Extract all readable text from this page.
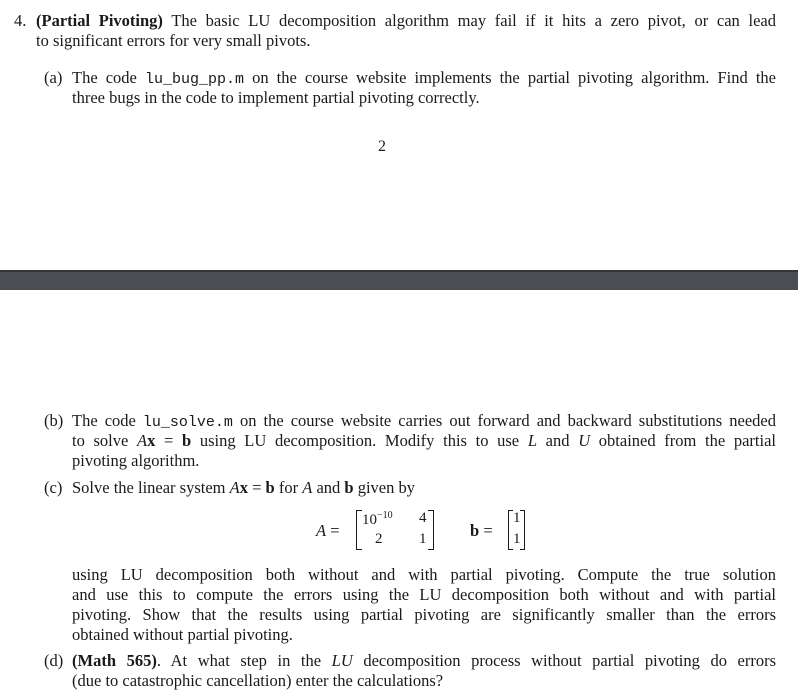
4. (Partial Pivoting) The basic LU decomposition algorithm may fail if it hits a zero pivot, or can lead
to significant errors for very small pivots.
(a) The code lu_bug_pp.m on the course website implements the partial pivoting algorithm. Find the
three bugs in the code to implement partial pivoting correctly.
2
(b) The code lu_solve.m on the course website carries out forward and backward substitutions needed
to solve Ax = b using LU decomposition. Modify this to use L and U obtained from the partial
pivoting algorithm.
(c) Solve the linear system Ax = b for A and b given by
A =
$10^{-10}$ 4
2 1	b =
1
1
using LU decomposition both without and with partial pivoting. Compute the true solution
and use this to compute the errors using the LU decomposition both without and with partial
pivoting. Show that the results using partial pivoting are significantly smaller than the errors
obtained without partial pivoting.
(d) (Math 565). At what step in the LU decomposition process without partial pivoting do errors
(due to catastrophic cancellation) enter the calculations?
